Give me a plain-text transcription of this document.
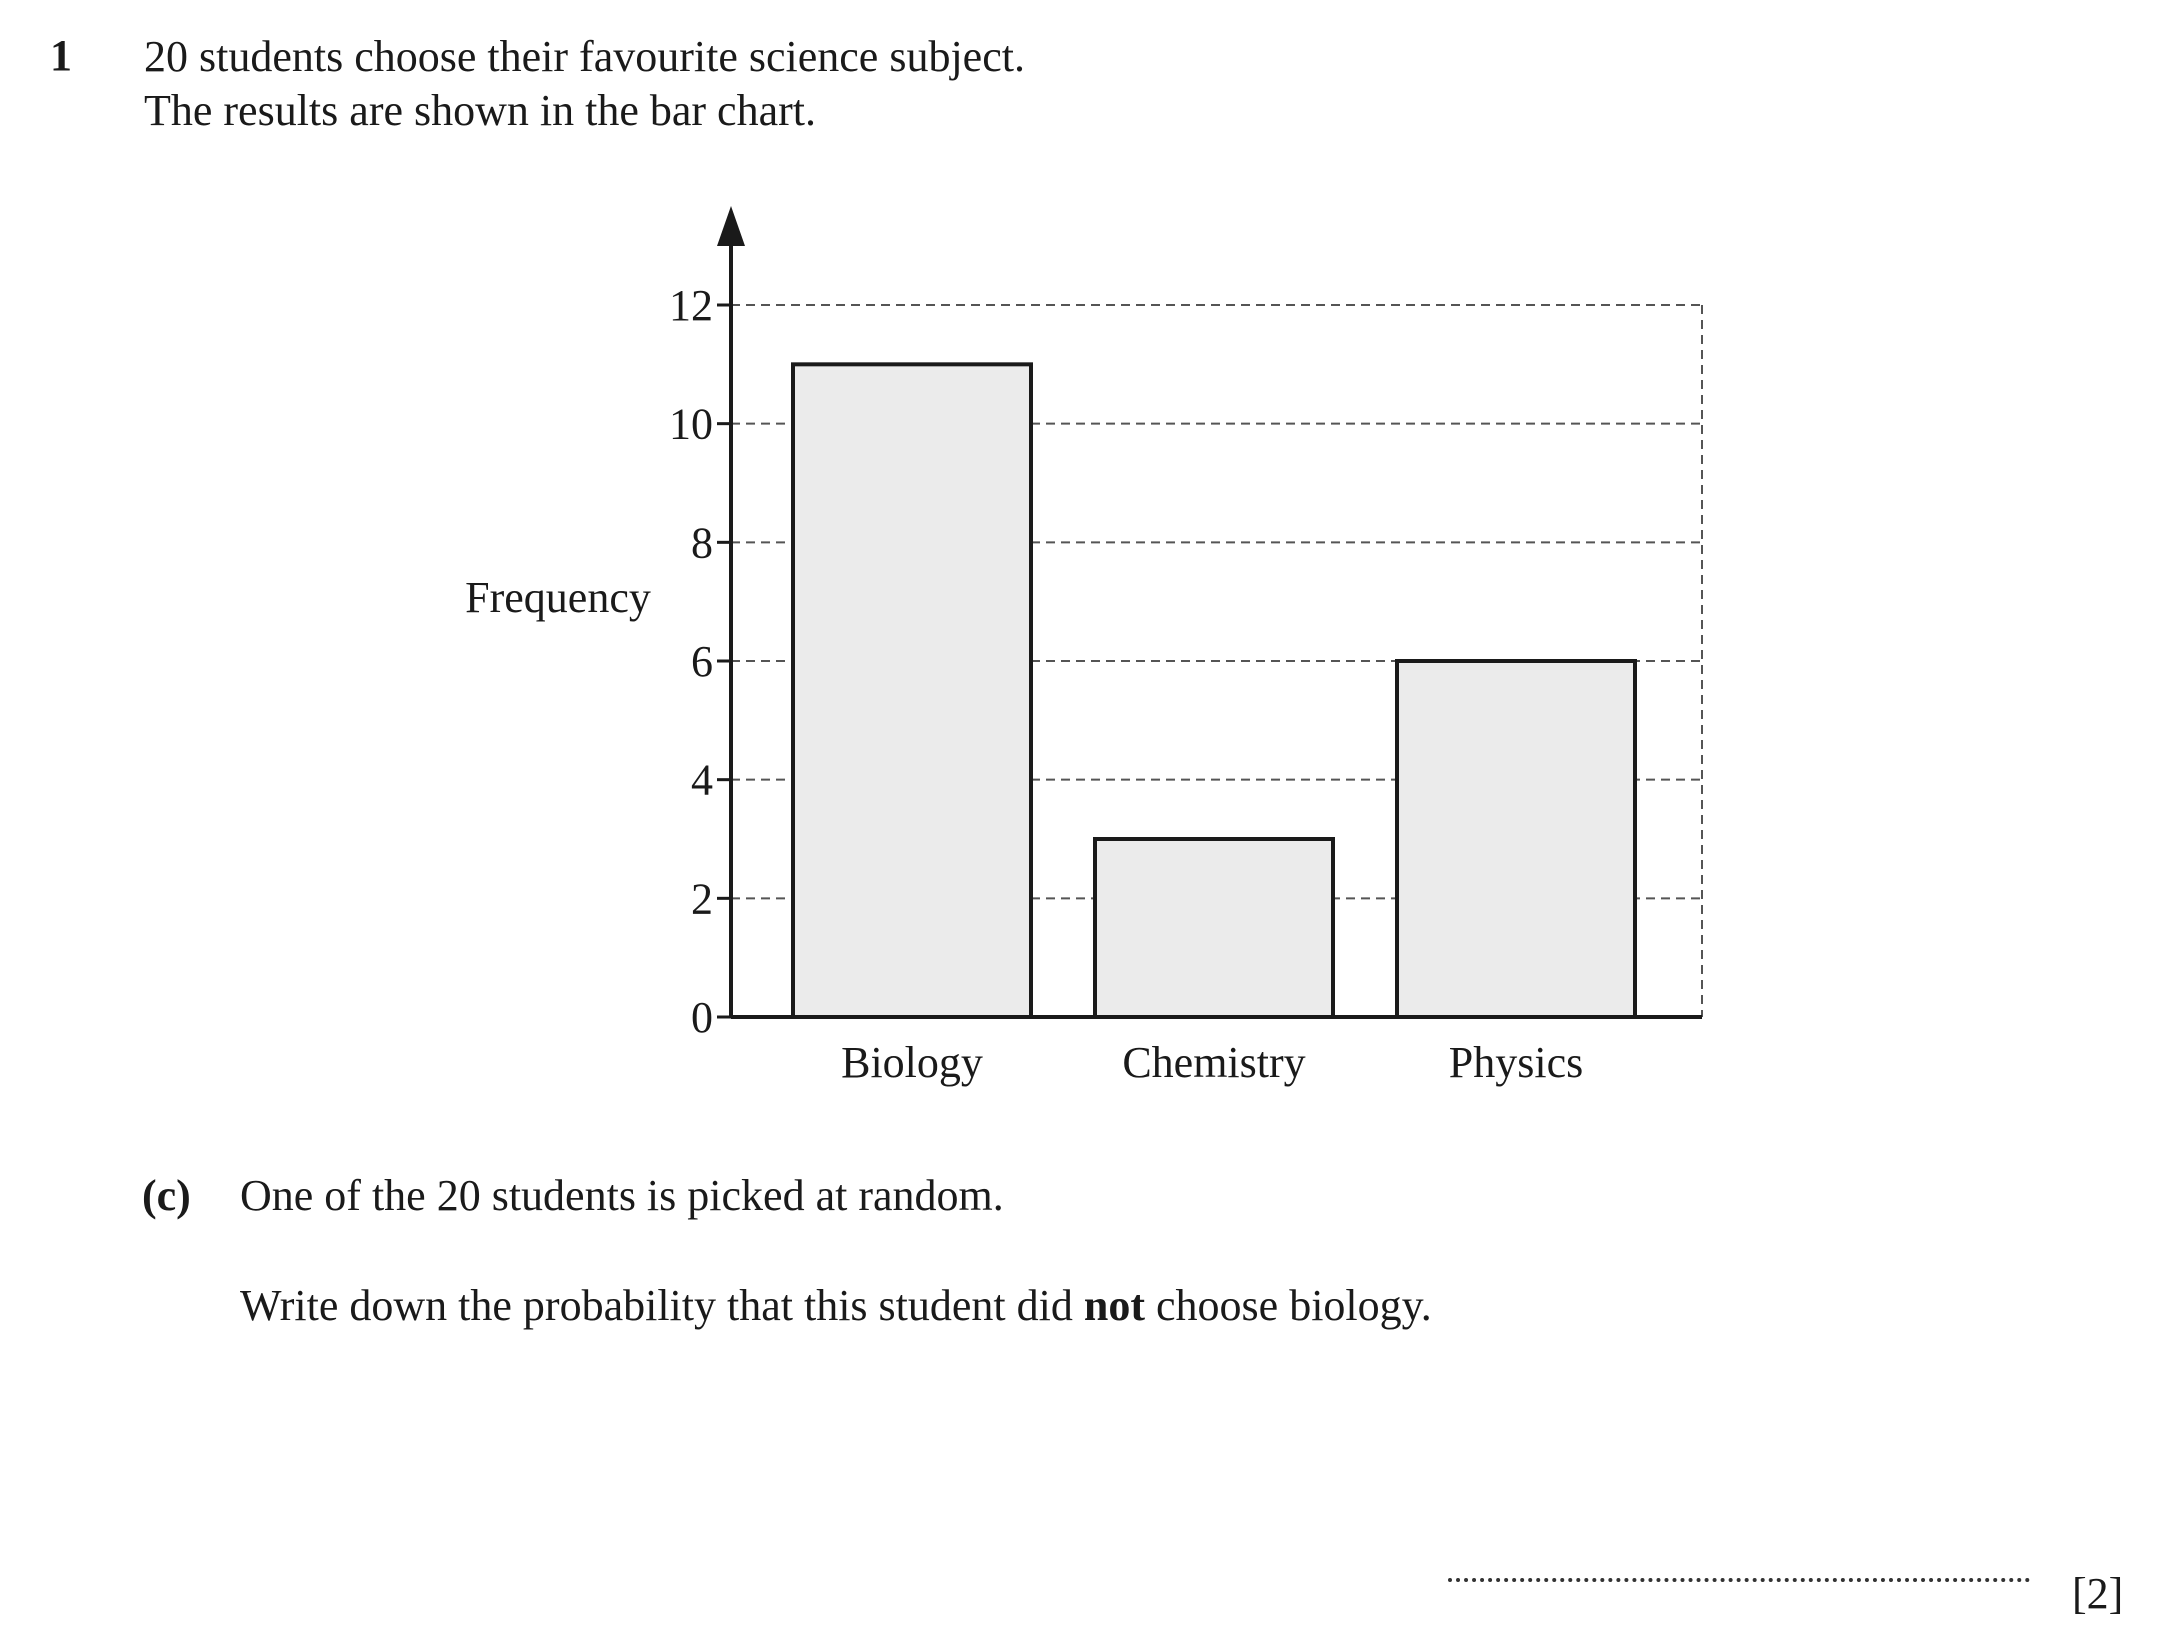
1 20 students choose their favourite science subject.
The results are shown in the bar chart.
Biology	Chemistry	Physics
0
2
4
6
8
10
12
Frequency
(c) One of the 20 students is picked at random.
Write down the probability that this student did not choose biology.
[2]
